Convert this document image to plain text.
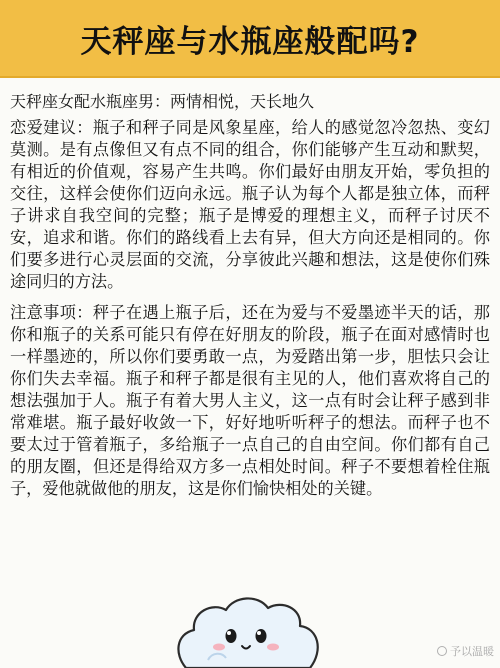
天秤座与水瓶座般配吗?

天秤座女配水瓶座男：两情相悦，天长地久

恋爱建议：瓶子和秤子同是风象星座，给人的感觉忽冷忽热、变幻莫测。是有点像但又有点不同的组合，你们能够产生互动和默契，有相近的价值观，容易产生共鸣。你们最好由朋友开始，零负担的交往，这样会使你们迈向永远。瓶子认为每个人都是独立体，而秤子讲求自我空间的完整；瓶子是博爱的理想主义，而秤子讨厌不安，追求和谐。你们的路线看上去有异，但大方向还是相同的。你们要多进行心灵层面的交流，分享彼此兴趣和想法，这是使你们殊途同归的方法。

注意事项：秤子在遇上瓶子后，还在为爱与不爱墨迹半天的话，那你和瓶子的关系可能只有停在好朋友的阶段，瓶子在面对感情时也一样墨迹的，所以你们要勇敢一点，为爱踏出第一步，胆怯只会让你们失去幸福。瓶子和秤子都是很有主见的人，他们喜欢将自己的想法强加于人。瓶子有着大男人主义，这一点有时会让秤子感到非常难堪。瓶子最好收敛一下，好好地听听秤子的想法。而秤子也不要太过于管着瓶子，多给瓶子一点自己的自由空间。你们都有自己的朋友圈，但还是得给双方多一点相处时间。秤子不要想着栓住瓶子，爱他就做他的朋友，这是你们愉快相处的关键。

予以温暖
